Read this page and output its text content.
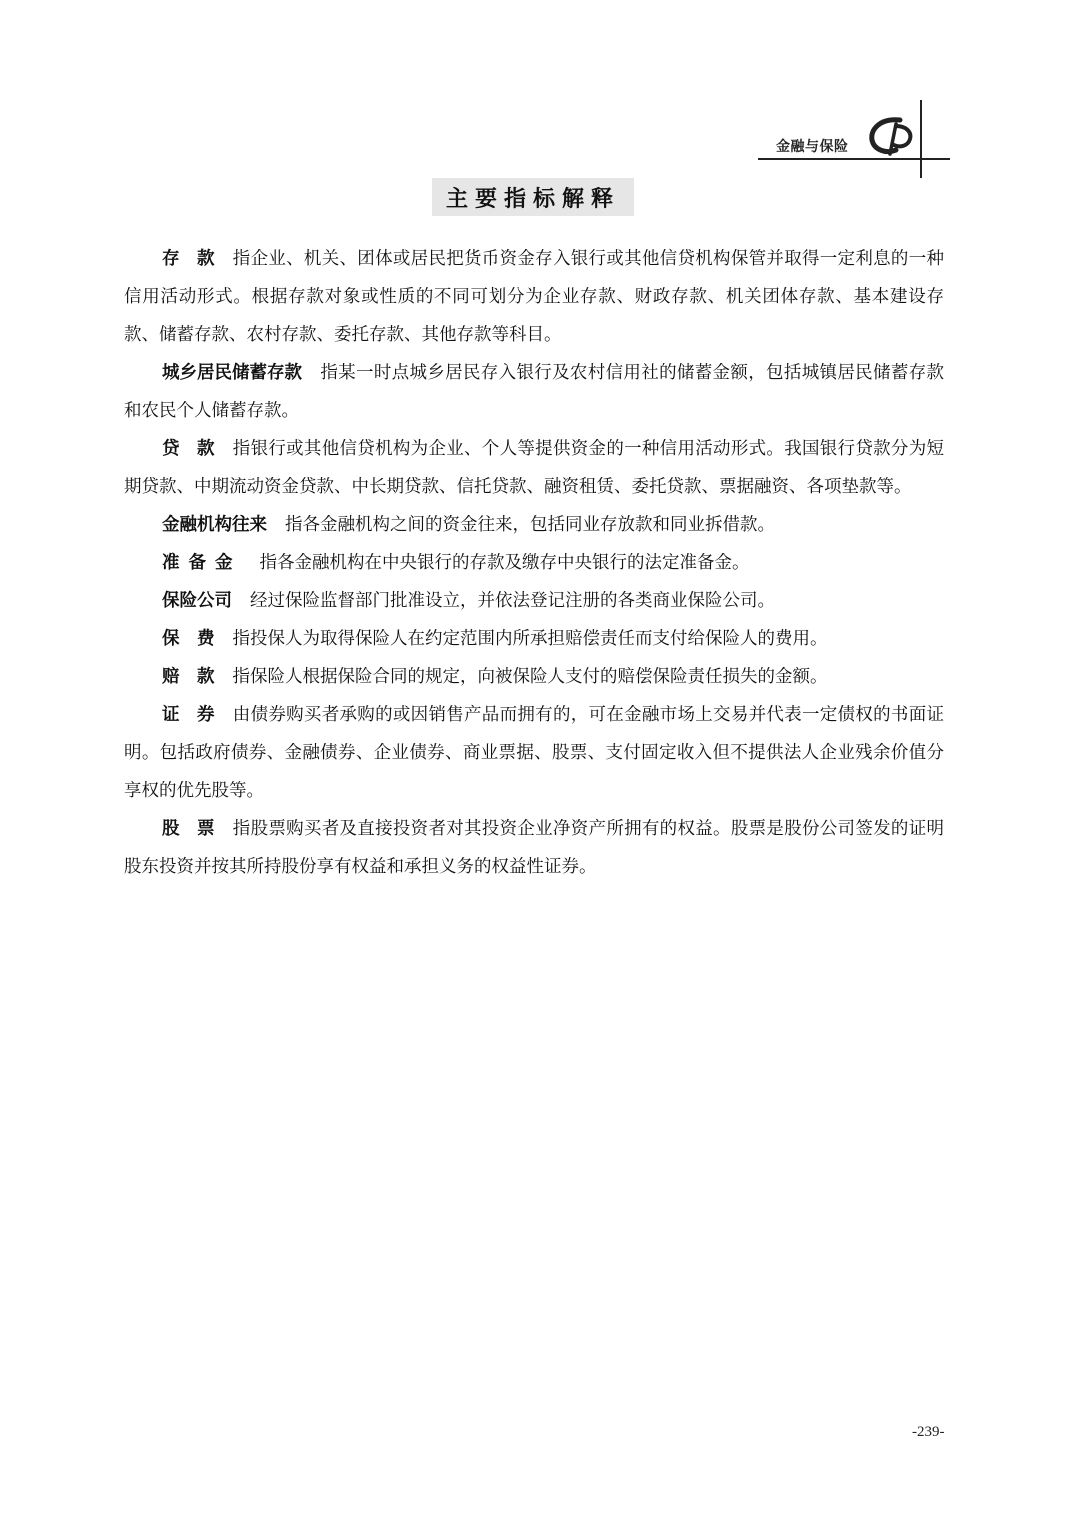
金融与保险
主要指标解释

存　款 指企业、机关、团体或居民把货币资金存入银行或其他信贷机构保管并取得一定利息的一种信用活动形式。根据存款对象或性质的不同可划分为企业存款、财政存款、机关团体存款、基本建设存款、储蓄存款、农村存款、委托存款、其他存款等科目。

城乡居民储蓄存款 指某一时点城乡居民存入银行及农村信用社的储蓄金额，包括城镇居民储蓄存款和农民个人储蓄存款。

贷　款 指银行或其他信贷机构为企业、个人等提供资金的一种信用活动形式。我国银行贷款分为短期贷款、中期流动资金贷款、中长期贷款、信托贷款、融资租赁、委托贷款、票据融资、各项垫款等。

金融机构往来 指各金融机构之间的资金往来，包括同业存放款和同业拆借款。

准备金 指各金融机构在中央银行的存款及缴存中央银行的法定准备金。

保险公司 经过保险监督部门批准设立，并依法登记注册的各类商业保险公司。

保　费 指投保人为取得保险人在约定范围内所承担赔偿责任而支付给保险人的费用。

赔　款 指保险人根据保险合同的规定，向被保险人支付的赔偿保险责任损失的金额。

证　券 由债券购买者承购的或因销售产品而拥有的，可在金融市场上交易并代表一定债权的书面证明。包括政府债券、金融债券、企业债券、商业票据、股票、支付固定收入但不提供法人企业残余价值分享权的优先股等。

股　票 指股票购买者及直接投资者对其投资企业净资产所拥有的权益。股票是股份公司签发的证明股东投资并按其所持股份享有权益和承担义务的权益性证券。

-239-
